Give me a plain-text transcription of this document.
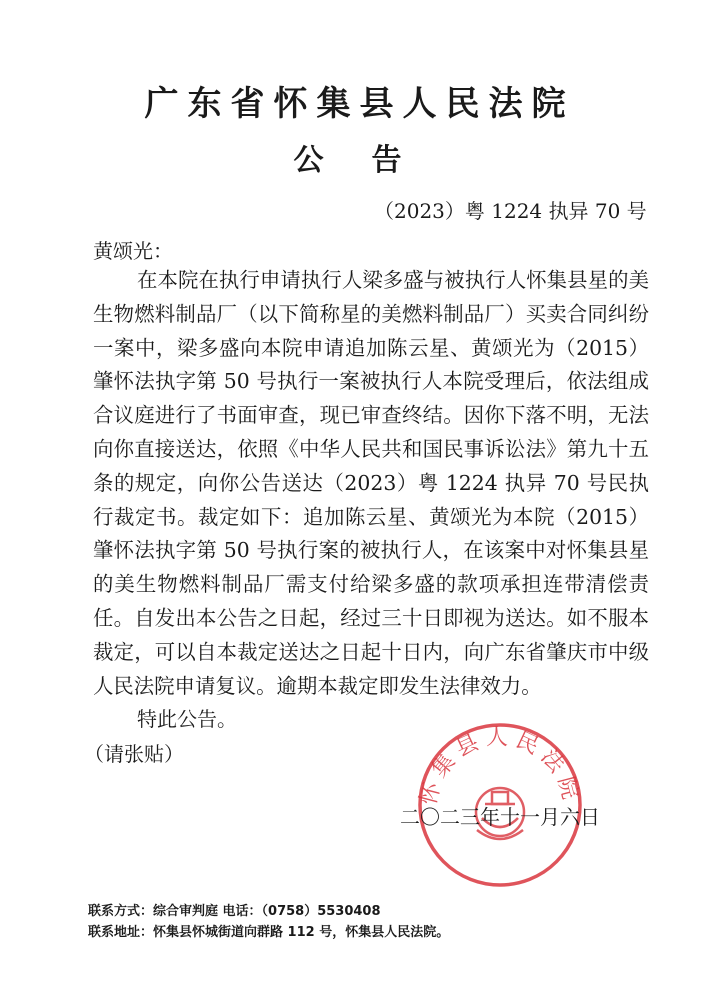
广东省怀集县人民法院
公告
（2023）粤 1224 执异 70 号
黄颂光：
在本院在执行申请执行人梁多盛与被执行人怀集县星的美生物燃料制品厂（以下简称星的美燃料制品厂）买卖合同纠纷一案中，梁多盛向本院申请追加陈云星、黄颂光为（2015）肇怀法执字第 50 号执行一案被执行人本院受理后，依法组成合议庭进行了书面审查，现已审查终结。因你下落不明，无法向你直接送达，依照《中华人民共和国民事诉讼法》第九十五条的规定，向你公告送达（2023）粤 1224 执异 70 号民执行裁定书。裁定如下：追加陈云星、黄颂光为本院（2015）肇怀法执字第 50 号执行案的被执行人，在该案中对怀集县星的美生物燃料制品厂需支付给梁多盛的款项承担连带清偿责任。自发出本公告之日起，经过三十日即视为送达。如不服本裁定，可以自本裁定送达之日起十日内，向广东省肇庆市中级人民法院申请复议。逾期本裁定即发生法律效力。
特此公告。
（请张贴）
怀集县人民法院
二〇二三年十一月六日
联系方式：综合审判庭 电话：（0758）5530408
联系地址：怀集县怀城街道向群路 112 号，怀集县人民法院。
